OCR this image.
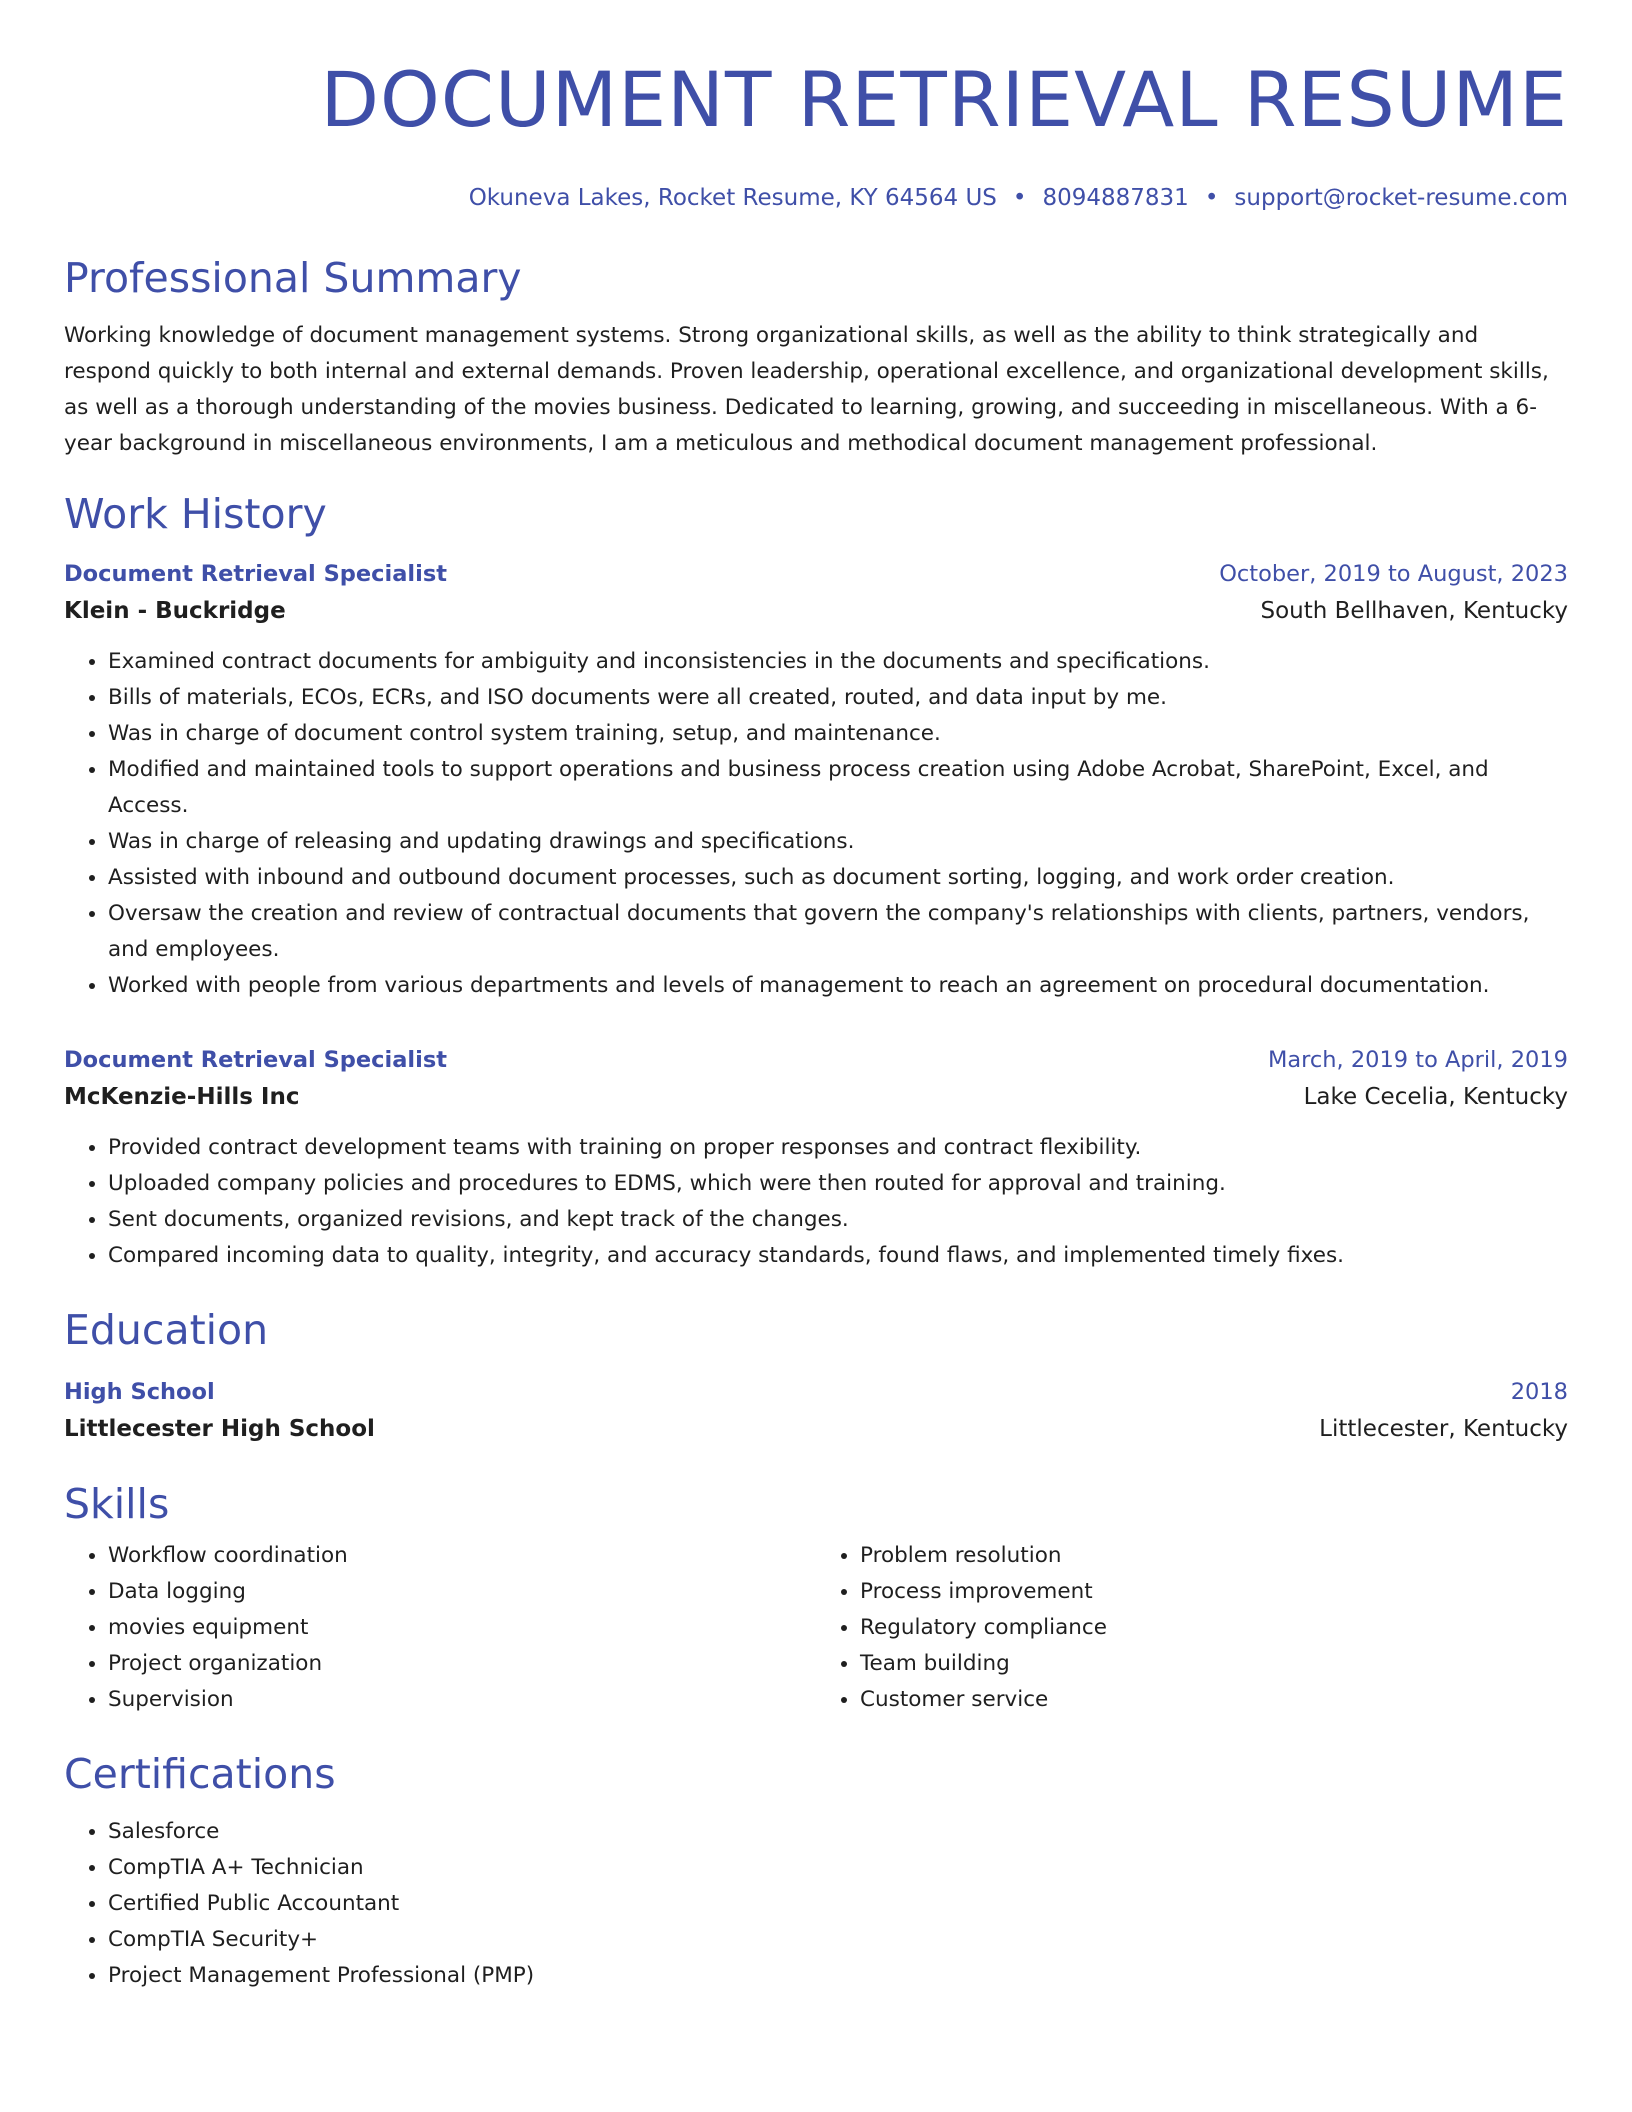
DOCUMENT RETRIEVAL RESUME
Okuneva Lakes, Rocket Resume, KY 64564 US • 8094887831 • support@rocket-resume.com
Professional Summary
Working knowledge of document management systems. Strong organizational skills, as well as the ability to think strategically and respond quickly to both internal and external demands. Proven leadership, operational excellence, and organizational development skills, as well as a thorough understanding of the movies business. Dedicated to learning, growing, and succeeding in miscellaneous. With a 6-year background in miscellaneous environments, I am a meticulous and methodical document management professional.
Work History
Document Retrieval Specialist	October, 2019 to August, 2023
Klein - Buckridge	South Bellhaven, Kentucky
• Examined contract documents for ambiguity and inconsistencies in the documents and specifications.
• Bills of materials, ECOs, ECRs, and ISO documents were all created, routed, and data input by me.
• Was in charge of document control system training, setup, and maintenance.
• Modified and maintained tools to support operations and business process creation using Adobe Acrobat, SharePoint, Excel, and Access.
• Was in charge of releasing and updating drawings and specifications.
• Assisted with inbound and outbound document processes, such as document sorting, logging, and work order creation.
• Oversaw the creation and review of contractual documents that govern the company's relationships with clients, partners, vendors, and employees.
• Worked with people from various departments and levels of management to reach an agreement on procedural documentation.
Document Retrieval Specialist	March, 2019 to April, 2019
McKenzie-Hills Inc	Lake Cecelia, Kentucky
• Provided contract development teams with training on proper responses and contract flexibility.
• Uploaded company policies and procedures to EDMS, which were then routed for approval and training.
• Sent documents, organized revisions, and kept track of the changes.
• Compared incoming data to quality, integrity, and accuracy standards, found flaws, and implemented timely fixes.
Education
High School	2018
Littlecester High School	Littlecester, Kentucky
Skills
• Workflow coordination
• Data logging
• movies equipment
• Project organization
• Supervision
• Problem resolution
• Process improvement
• Regulatory compliance
• Team building
• Customer service
Certifications
• Salesforce
• CompTIA A+ Technician
• Certified Public Accountant
• CompTIA Security+
• Project Management Professional (PMP)
